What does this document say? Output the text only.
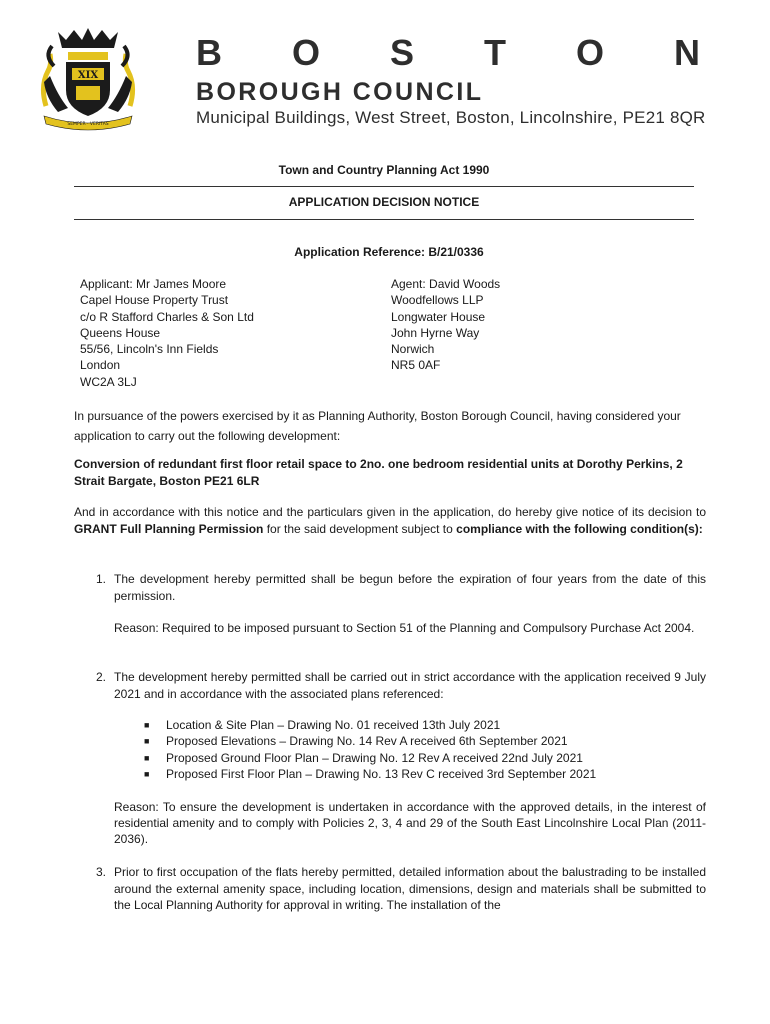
XIX
SEMPER · VERITAS
B O S T O N
BOROUGH COUNCIL
Municipal Buildings, West Street, Boston, Lincolnshire, PE21 8QR
Town and Country Planning Act 1990
APPLICATION DECISION NOTICE
Application Reference: B/21/0336
Applicant: Mr James Moore
Capel House Property Trust
c/o R Stafford Charles & Son Ltd
Queens House
55/56, Lincoln's Inn Fields
London
WC2A 3LJ
Agent: David Woods
Woodfellows LLP
Longwater House
John Hyrne Way
Norwich
NR5 0AF

In pursuance of the powers exercised by it as Planning Authority, Boston Borough Council, having considered your application to carry out the following development:

Conversion of redundant first floor retail space to 2no. one bedroom residential units at Dorothy Perkins, 2 Strait Bargate, Boston PE21 6LR

And in accordance with this notice and the particulars given in the application, do hereby give notice of its decision to GRANT Full Planning Permission for the said development subject to compliance with the following condition(s):

1. The development hereby permitted shall be begun before the expiration of four years from the date of this permission.
Reason: Required to be imposed pursuant to Section 51 of the Planning and Compulsory Purchase Act 2004.
2. The development hereby permitted shall be carried out in strict accordance with the application received 9 July 2021 and in accordance with the associated plans referenced:
■	Location & Site Plan – Drawing No. 01 received 13th July 2021
■	Proposed Elevations – Drawing No. 14 Rev A received 6th September 2021
■	Proposed Ground Floor Plan – Drawing No. 12 Rev A received 22nd July 2021
■	Proposed First Floor Plan – Drawing No. 13 Rev C received 3rd September 2021
Reason: To ensure the development is undertaken in accordance with the approved details, in the interest of residential amenity and to comply with Policies 2, 3, 4 and 29 of the South East Lincolnshire Local Plan (2011-2036).
3. Prior to first occupation of the flats hereby permitted, detailed information about the balustrading to be installed around the external amenity space, including location, dimensions, design and materials shall be submitted to the Local Planning Authority for approval in writing. The installation of the
